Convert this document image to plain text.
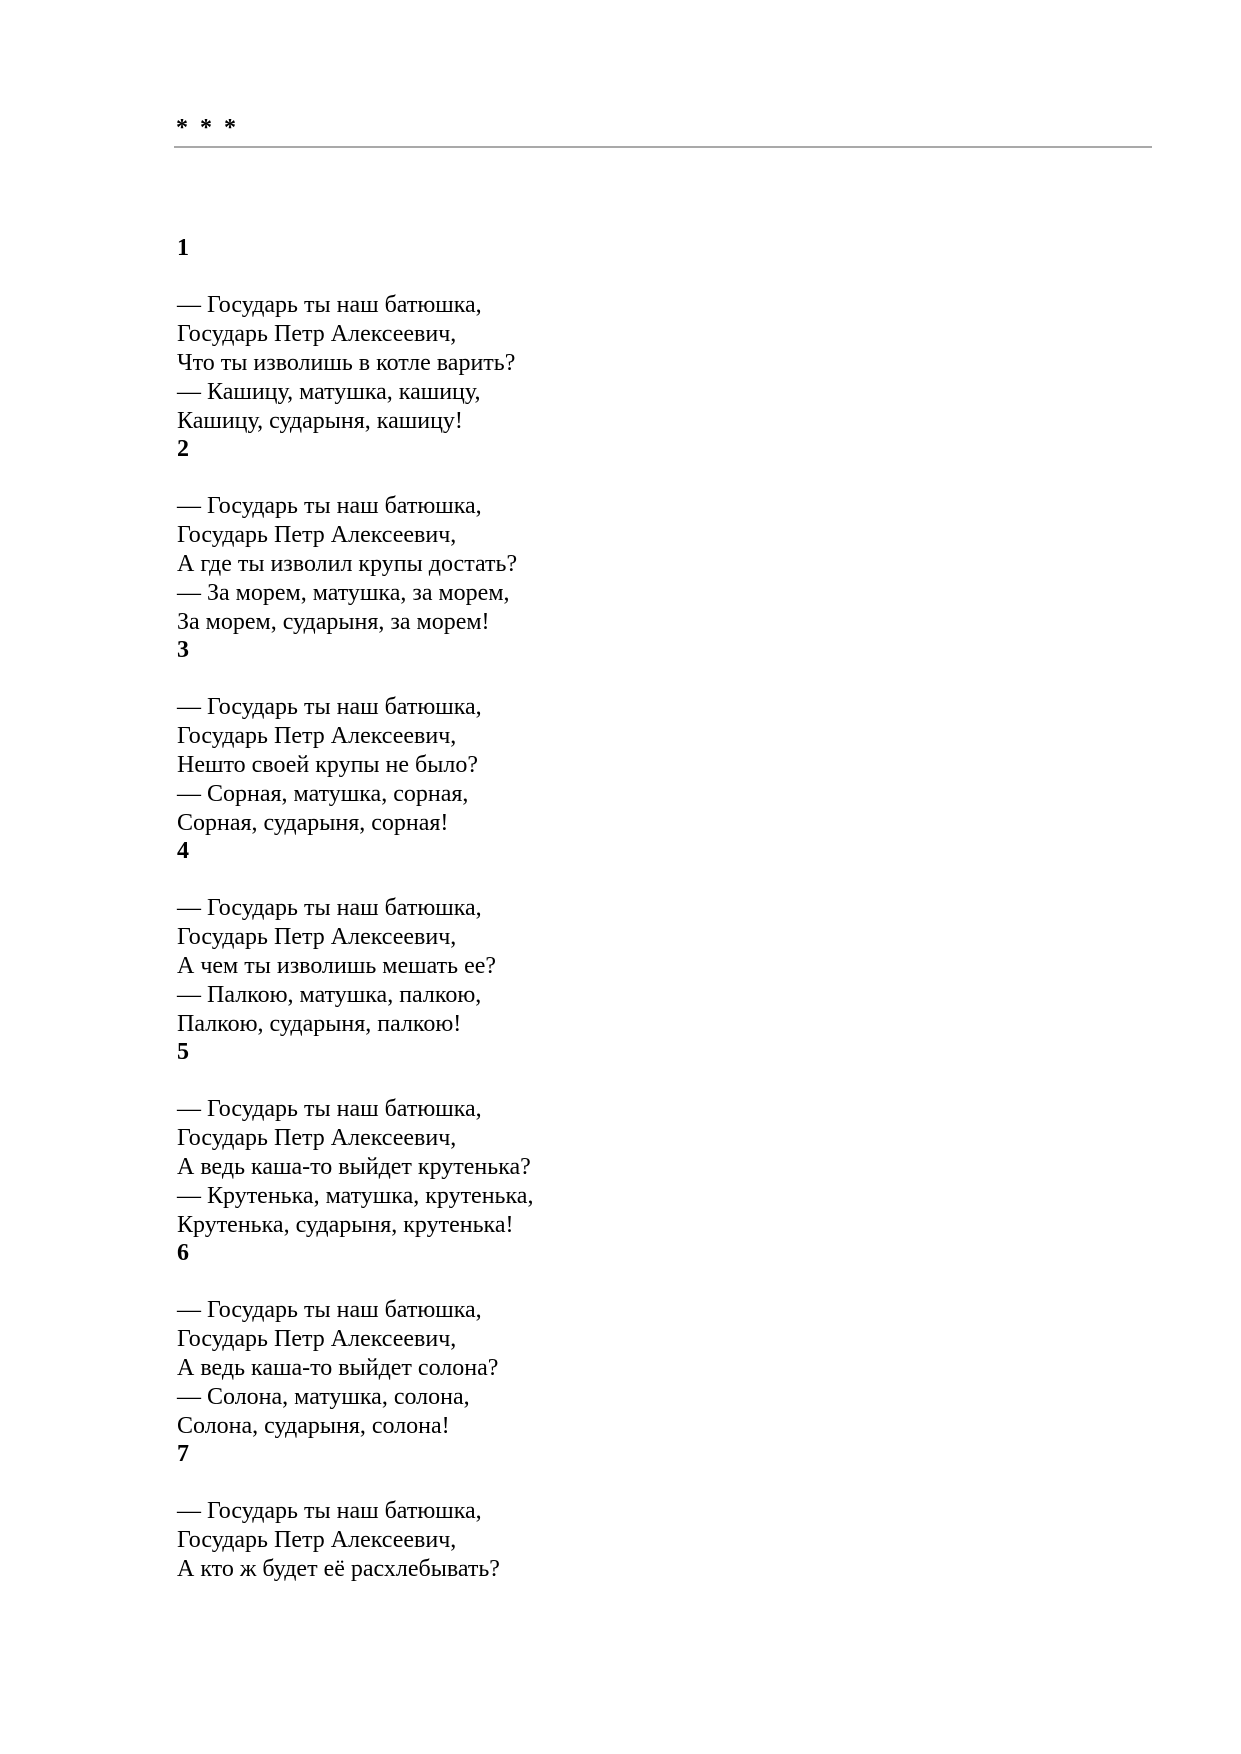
* * *
1
— Государь ты наш батюшка,
Государь Петр Алексеевич,
Что ты изволишь в котле варить?
— Кашицу, матушка, кашицу,
Кашицу, сударыня, кашицу!
2
— Государь ты наш батюшка,
Государь Петр Алексеевич,
А где ты изволил крупы достать?
— За морем, матушка, за морем,
За морем, сударыня, за морем!
3
— Государь ты наш батюшка,
Государь Петр Алексеевич,
Нешто своей крупы не было?
— Сорная, матушка, сорная,
Сорная, сударыня, сорная!
4
— Государь ты наш батюшка,
Государь Петр Алексеевич,
А чем ты изволишь мешать ее?
— Палкою, матушка, палкою,
Палкою, сударыня, палкою!
5
— Государь ты наш батюшка,
Государь Петр Алексеевич,
А ведь каша-то выйдет крутенька?
— Крутенька, матушка, крутенька,
Крутенька, сударыня, крутенька!
6
— Государь ты наш батюшка,
Государь Петр Алексеевич,
А ведь каша-то выйдет солона?
— Солона, матушка, солона,
Солона, сударыня, солона!
7
— Государь ты наш батюшка,
Государь Петр Алексеевич,
А кто ж будет её расхлебывать?
